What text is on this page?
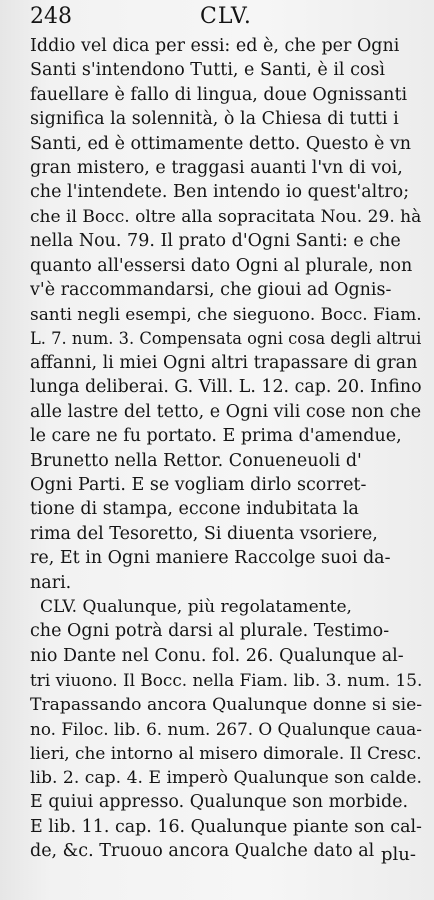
248	CLV.
Iddio vel dica per essi: ed è, che per Ogni
Santi s'intendono Tutti, e Santi, è il così
fauellare è fallo di lingua, doue Ognissanti
significa la solennità, ò la Chiesa di tutti i
Santi, ed è ottimamente detto. Questo è vn
gran mistero, e traggasi auanti l'vn di voi,
che l'intendete. Ben intendo io quest'altro;
che il Bocc. oltre alla sopracitata Nou. 29. hà
nella Nou. 79. Il prato d'Ogni Santi: e che
quanto all'essersi dato Ogni al plurale, non
v'è raccommandarsi, che gioui ad Ognis-
santi negli esempi, che sieguono. Bocc. Fiam.
L. 7. num. 3. Compensata ogni cosa degli altrui
affanni, li miei Ogni altri trapassare di gran
lunga deliberai. G. Vill. L. 12. cap. 20. Infino
alle lastre del tetto, e Ogni vili cose non che
le care ne fu portato. E prima d'amendue,
Brunetto nella Rettor. Conueneuoli d'
Ogni Parti. E se vogliam dirlo scorret-
tione di stampa, eccone indubitata la
rima del Tesoretto, Si diuenta vsoriere,
re, Et in Ogni maniere Raccolge suoi da-
nari.
CLV. Qualunque, più regolatamente,
che Ogni potrà darsi al plurale. Testimo-
nio Dante nel Conu. fol. 26. Qualunque al-
tri viuono. Il Bocc. nella Fiam. lib. 3. num. 15.
Trapassando ancora Qualunque donne si sie-
no. Filoc. lib. 6. num. 267. O Qualunque caua-
lieri, che intorno al misero dimorale. Il Cresc.
lib. 2. cap. 4. E imperò Qualunque son calde.
E quiui appresso. Qualunque son morbide.
E lib. 11. cap. 16. Qualunque piante son cal-
de, &c. Truouo ancora Qualche dato al plu-
